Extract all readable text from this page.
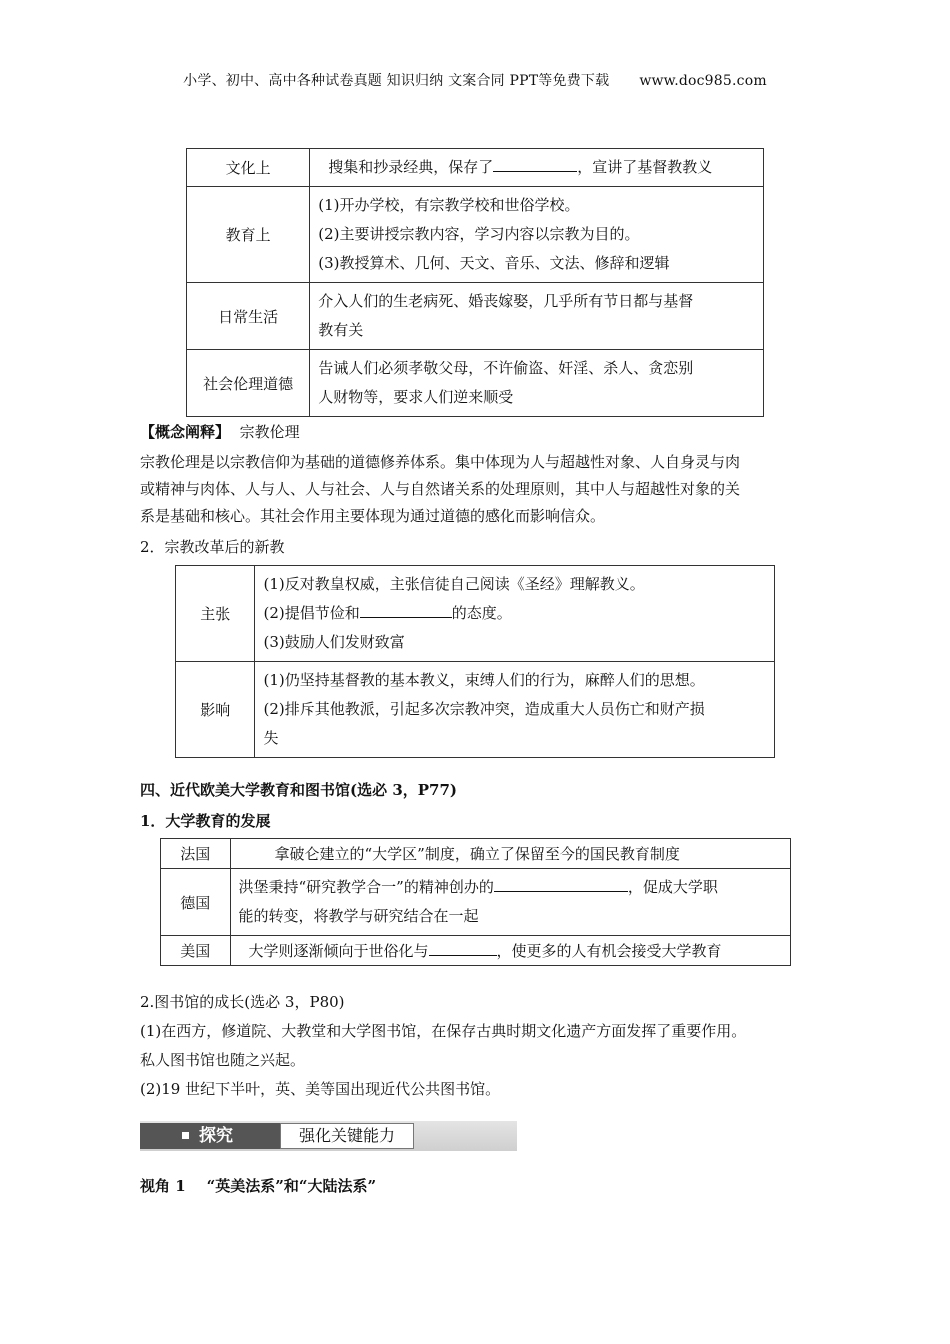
小学、初中、高中各种试卷真题 知识归纳 文案合同 PPT等免费下载 www.doc985.com
文化上	搜集和抄录经典，保存了 ，宣讲了基督教教义

教育上	(1)开办学校，有宗教学校和世俗学校。
(2)主要讲授宗教内容，学习内容以宗教为目的。
(3)教授算术、几何、天文、音乐、文法、修辞和逻辑

日常生活	介入人们的生老病死、婚丧嫁娶，几乎所有节日都与基督
教有关

社会伦理道德	告诫人们必须孝敬父母，不许偷盗、奸淫、杀人、贪恋别
人财物等，要求人们逆来顺受
【概念阐释】 宗教伦理
宗教伦理是以宗教信仰为基础的道德修养体系。集中体现为人与超越性对象、人自身灵与肉
或精神与肉体、人与人、人与社会、人与自然诸关系的处理原则，其中人与超越性对象的关
系是基础和核心。其社会作用主要体现为通过道德的感化而影响信众。
2．宗教改革后的新教
主张	(1)反对教皇权威，主张信徒自己阅读《圣经》理解教义。
(2)提倡节俭和 的态度。
(3)鼓励人们发财致富

影响	(1)仍坚持基督教的基本教义，束缚人们的行为，麻醉人们的思想。
(2)排斥其他教派，引起多次宗教冲突，造成重大人员伤亡和财产损
失
四、近代欧美大学教育和图书馆(选必 3，P77)
1．大学教育的发展
法国	拿破仑建立的“大学区”制度，确立了保留至今的国民教育制度

德国	洪堡秉持“研究教学合一”的精神创办的 ，促成大学职
能的转变，将教学与研究结合在一起

美国	大学则逐渐倾向于世俗化与 ，使更多的人有机会接受大学教育
2.图书馆的成长(选必 3，P80)
(1)在西方，修道院、大教堂和大学图书馆，在保存古典时期文化遗产方面发挥了重要作用。
私人图书馆也随之兴起。
(2)19 世纪下半叶，英、美等国出现近代公共图书馆。
探究	强化关键能力
视角 1 “英美法系”和“大陆法系”
